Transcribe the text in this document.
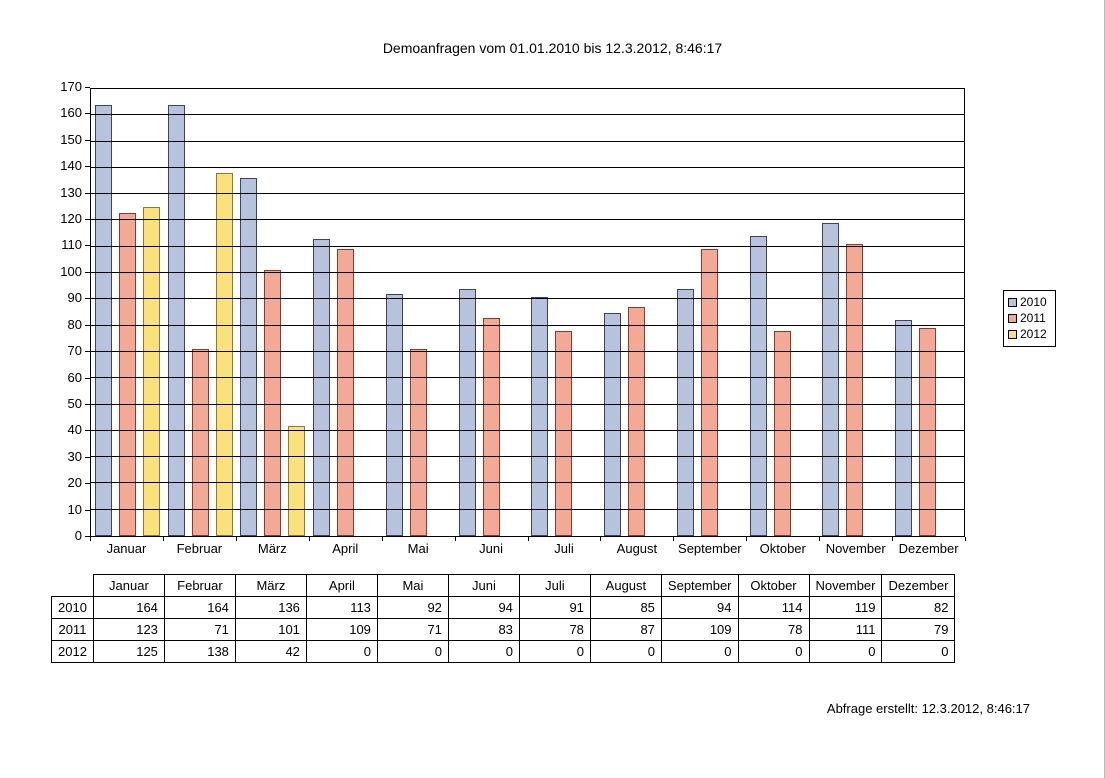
Demoanfragen vom 01.01.2010 bis 12.3.2012, 8:46:17
0
10
20
30
40
50
60
70
80
90
100
110
120
130
140
150
160
170
Januar	Februar	März	April	Mai	Juni	Juli	August	September	Oktober	November Dezember
2010
2011
2012
	Januar	Februar	März	April	Mai	Juni	Juli	August	September	Oktober	November	Dezember
2010	164	164	136	113	92	94	91	85	94	114	119	82
2011	123	71	101	109	71	83	78	87	109	78	111	79
2012	125	138	42	0	0	0	0	0	0	0	0	0
Abfrage erstellt: 12.3.2012, 8:46:17
